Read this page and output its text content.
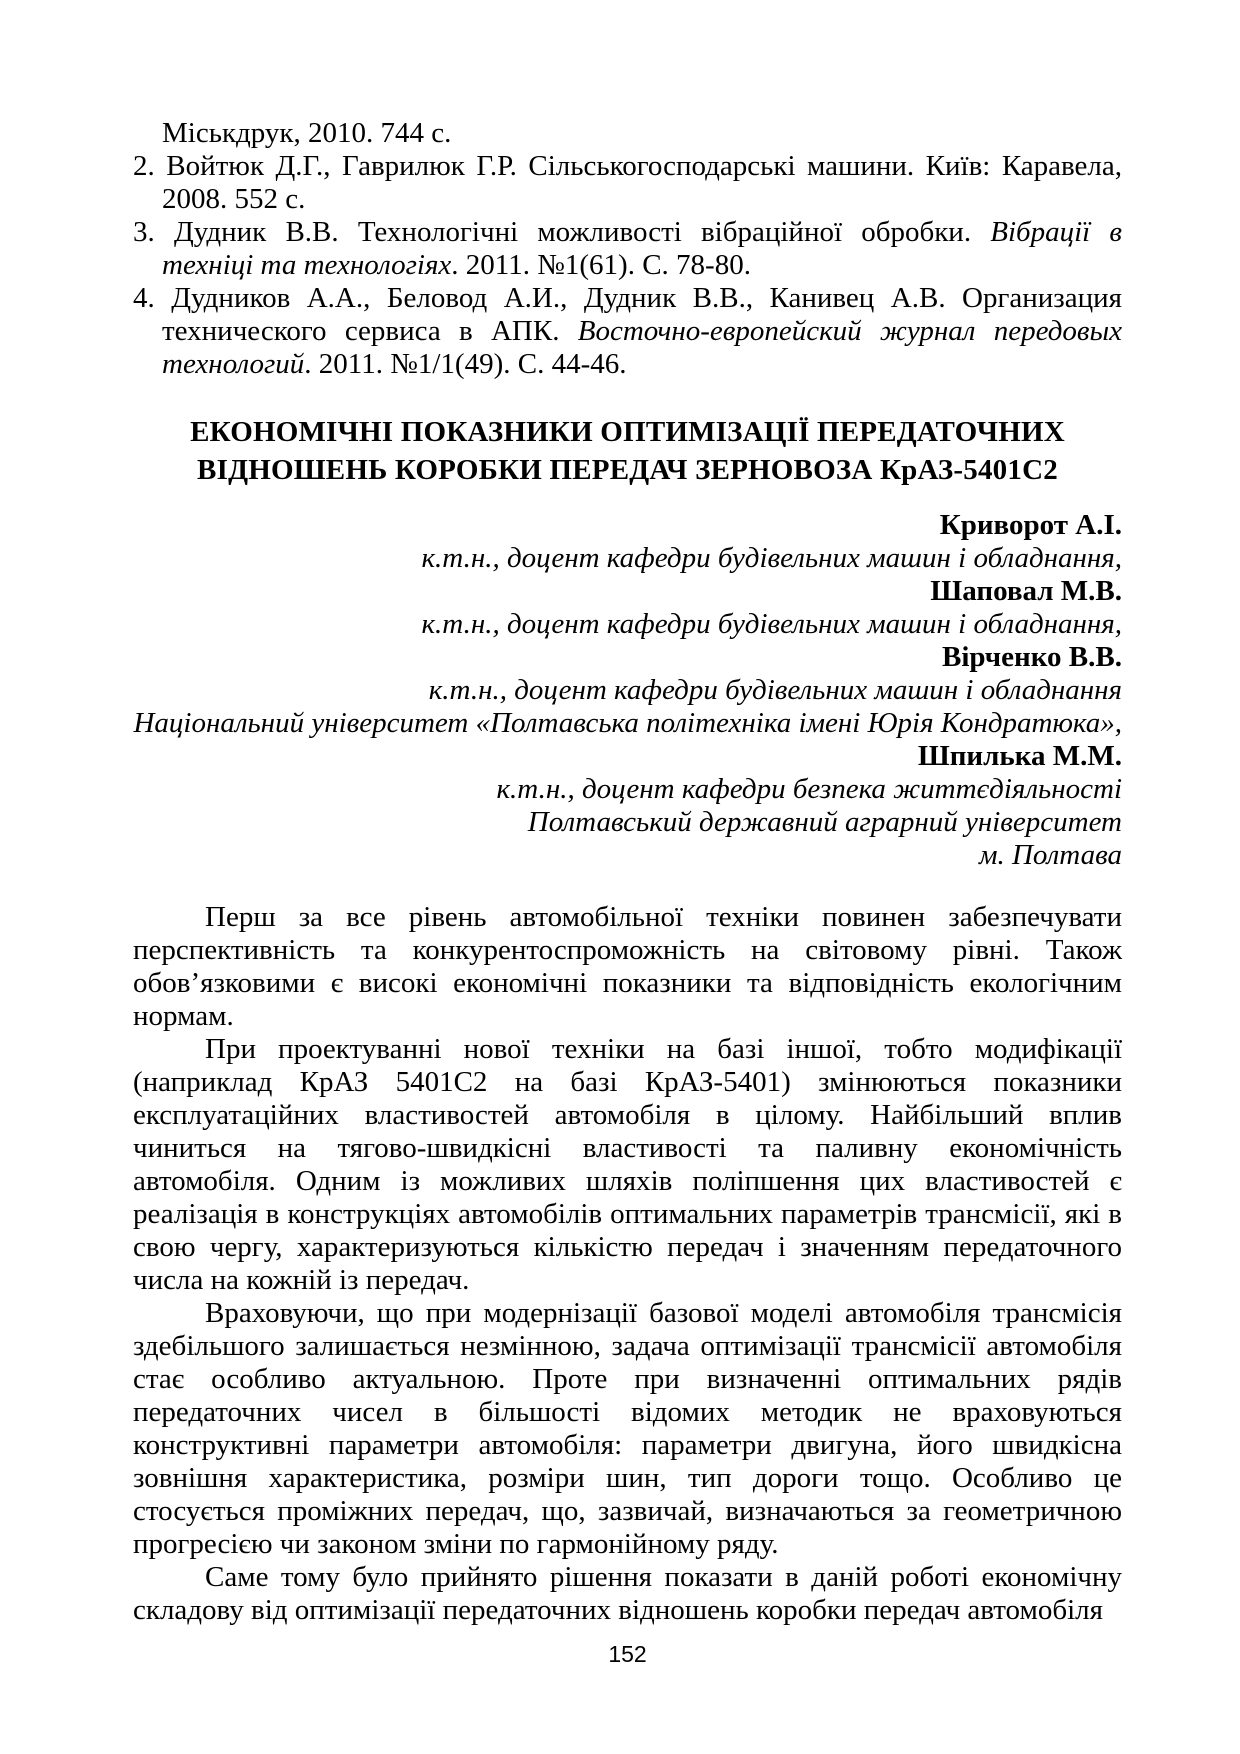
Міськдрук, 2010. 744 с.
2. Войтюк Д.Г., Гаврилюк Г.Р. Сільськогосподарські машини. Київ: Каравела, 2008. 552 с.
3. Дудник В.В. Технологічні можливості вібраційної обробки. Вібрації в техніці та технологіях. 2011. №1(61). С. 78-80.
4. Дудников А.А., Беловод А.И., Дудник В.В., Канивец А.В. Организация технического сервиса в АПК. Восточно-европейский журнал передовых технологий. 2011. №1/1(49). С. 44-46.
ЕКОНОМІЧНІ ПОКАЗНИКИ ОПТИМІЗАЦІЇ ПЕРЕДАТОЧНИХ
ВІДНОШЕНЬ КОРОБКИ ПЕРЕДАЧ ЗЕРНОВОЗА КрАЗ-5401С2
Криворот А.І.
к.т.н., доцент кафедри будівельних машин і обладнання,
Шаповал М.В.
к.т.н., доцент кафедри будівельних машин і обладнання,
Вірченко В.В.
к.т.н., доцент кафедри будівельних машин і обладнання
Національний університет «Полтавська політехніка імені Юрія Кондратюка»,
Шпилька М.М.
к.т.н., доцент кафедри безпека життєдіяльності
Полтавський державний аграрний університет
м. Полтава

Перш за все рівень автомобільної техніки повинен забезпечувати перспективність та конкурентоспроможність на світовому рівні. Також обов’язковими є високі економічні показники та відповідність екологічним нормам.

При проектуванні нової техніки на базі іншої, тобто модифікації (наприклад КрАЗ 5401С2 на базі КрАЗ-5401) змінюються показники експлуатаційних властивостей автомобіля в цілому. Найбільший вплив чиниться на тягово-швидкісні властивості та паливну економічність автомобіля. Одним із можливих шляхів поліпшення цих властивостей є реалізація в конструкціях автомобілів оптимальних параметрів трансмісії, які в свою чергу, характеризуються кількістю передач і значенням передаточного числа на кожній із передач.

Враховуючи, що при модернізації базової моделі автомобіля трансмісія здебільшого залишається незмінною, задача оптимізації трансмісії автомобіля стає особливо актуальною. Проте при визначенні оптимальних рядів передаточних чисел в більшості відомих методик не враховуються конструктивні параметри автомобіля: параметри двигуна, його швидкісна зовнішня характеристика, розміри шин, тип дороги тощо. Особливо це стосується проміжних передач, що, зазвичай, визначаються за геометричною прогресією чи законом зміни по гармонійному ряду.

Саме тому було прийнято рішення показати в даній роботі економічну складову від оптимізації передаточних відношень коробки передач автомобіля

152
